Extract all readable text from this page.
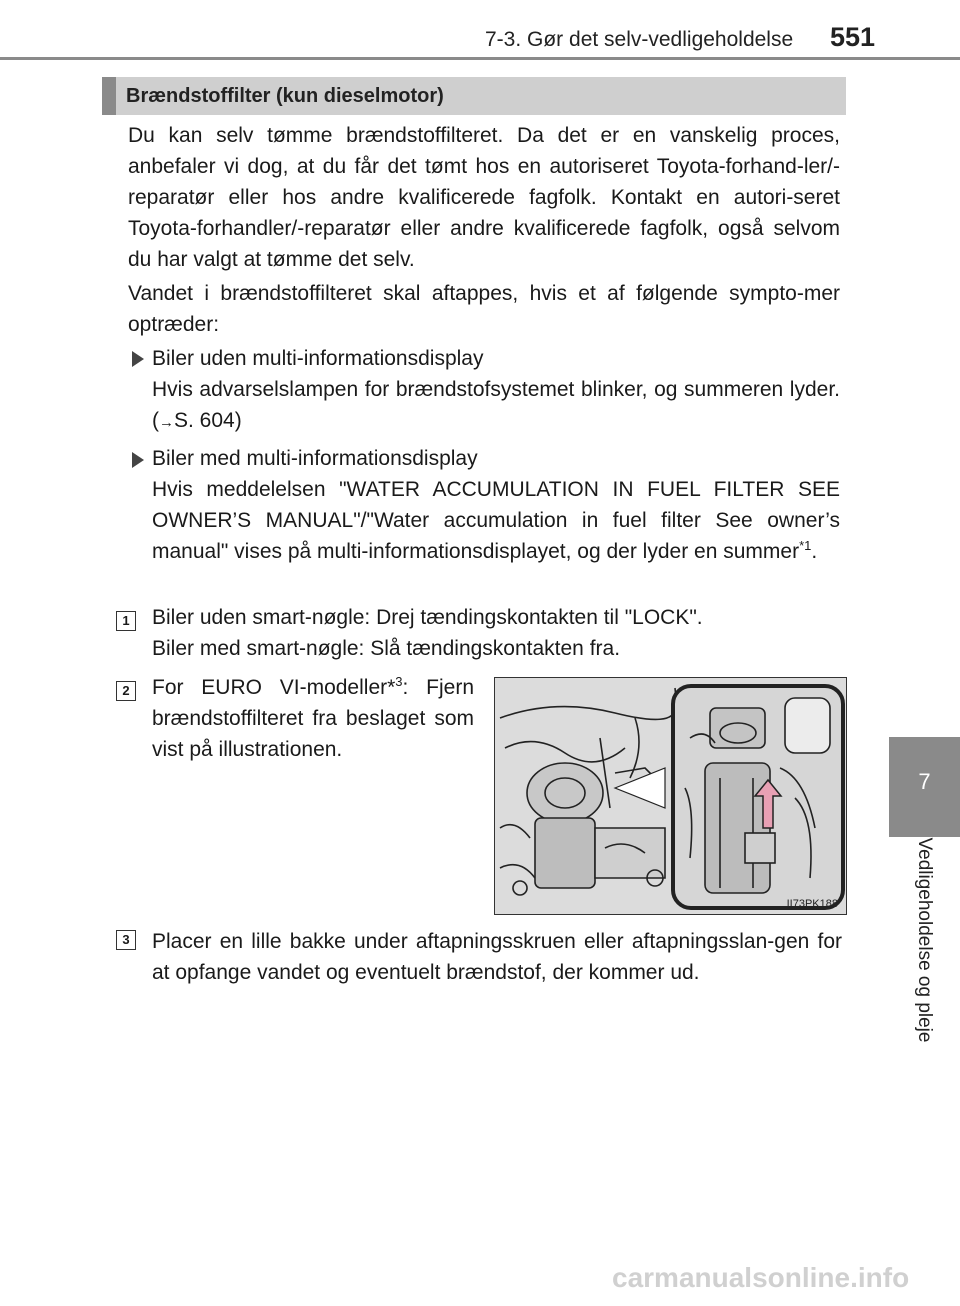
7-3. Gør det selv-vedligeholdelse 551
7
Vedligeholdelse og pleje
Brændstoffilter (kun dieselmotor)
Du kan selv tømme brændstoffilteret. Da det er en vanskelig proces, anbefaler vi dog, at du får det tømt hos en autoriseret Toyota-forhand-ler/-reparatør eller hos andre kvalificerede fagfolk. Kontakt en autori-seret Toyota-forhandler/-reparatør eller andre kvalificerede fagfolk, også selvom du har valgt at tømme det selv.
Vandet i brændstoffilteret skal aftappes, hvis et af følgende sympto-mer optræder:
Biler uden multi-informationsdisplay
Hvis advarselslampen for brændstofsystemet blinker, og summeren lyder. (→S. 604)
Biler med multi-informationsdisplay
Hvis meddelelsen "WATER ACCUMULATION IN FUEL FILTER SEE OWNER’S MANUAL"/"Water accumulation in fuel filter See owner’s manual" vises på multi-informationsdisplayet, og der lyder en summer$^{*1}$.
1	Biler uden smart-nøgle: Drej tændingskontakten til "LOCK".
Biler med smart-nøgle: Slå tændingskontakten fra.
2	For EURO VI-modeller*$^3$: Fjern brændstoffilteret fra beslaget som vist på illustrationen.
II73PK188
3	Placer en lille bakke under aftapningsskruen eller aftapningsslan-gen for at opfange vandet og eventuelt brændstof, der kommer ud.
carmanualsonline.info
